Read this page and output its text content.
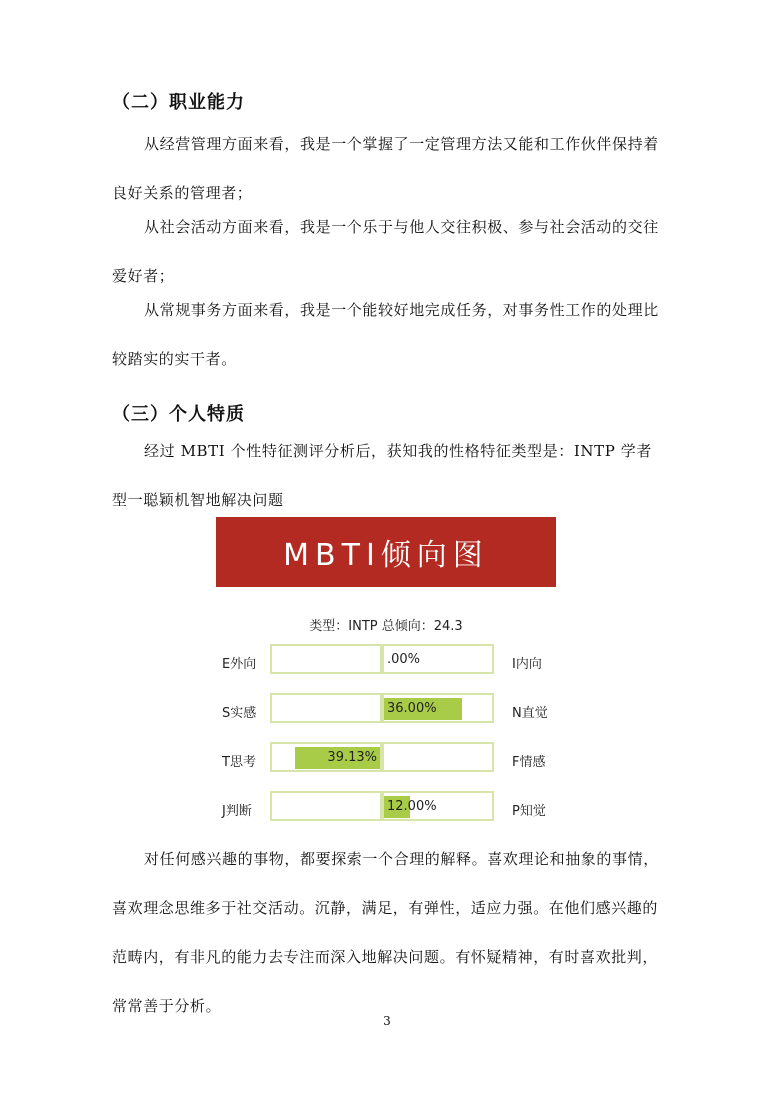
（二）职业能力

从经营管理方面来看，我是一个掌握了一定管理方法又能和工作伙伴保持着良好关系的管理者；

从社会活动方面来看，我是一个乐于与他人交往积极、参与社会活动的交往爱好者；

从常规事务方面来看，我是一个能较好地完成任务，对事务性工作的处理比较踏实的实干者。

（三）个人特质

经过 MBTI 个性特征测评分析后，获知我的性格特征类型是：INTP 学者型一聪颖机智地解决问题

MBTI倾向图
类型：INTP 总倾向：24.3
E外向	.00%	I内向
S实感	36.00%	N直觉
T思考	39.13%	F情感
J判断	12.00%	P知觉

对任何感兴趣的事物，都要探索一个合理的解释。喜欢理论和抽象的事情，喜欢理念思维多于社交活动。沉静，满足，有弹性，适应力强。在他们感兴趣的范畴内，有非凡的能力去专注而深入地解决问题。有怀疑精神，有时喜欢批判，常常善于分析。

3
